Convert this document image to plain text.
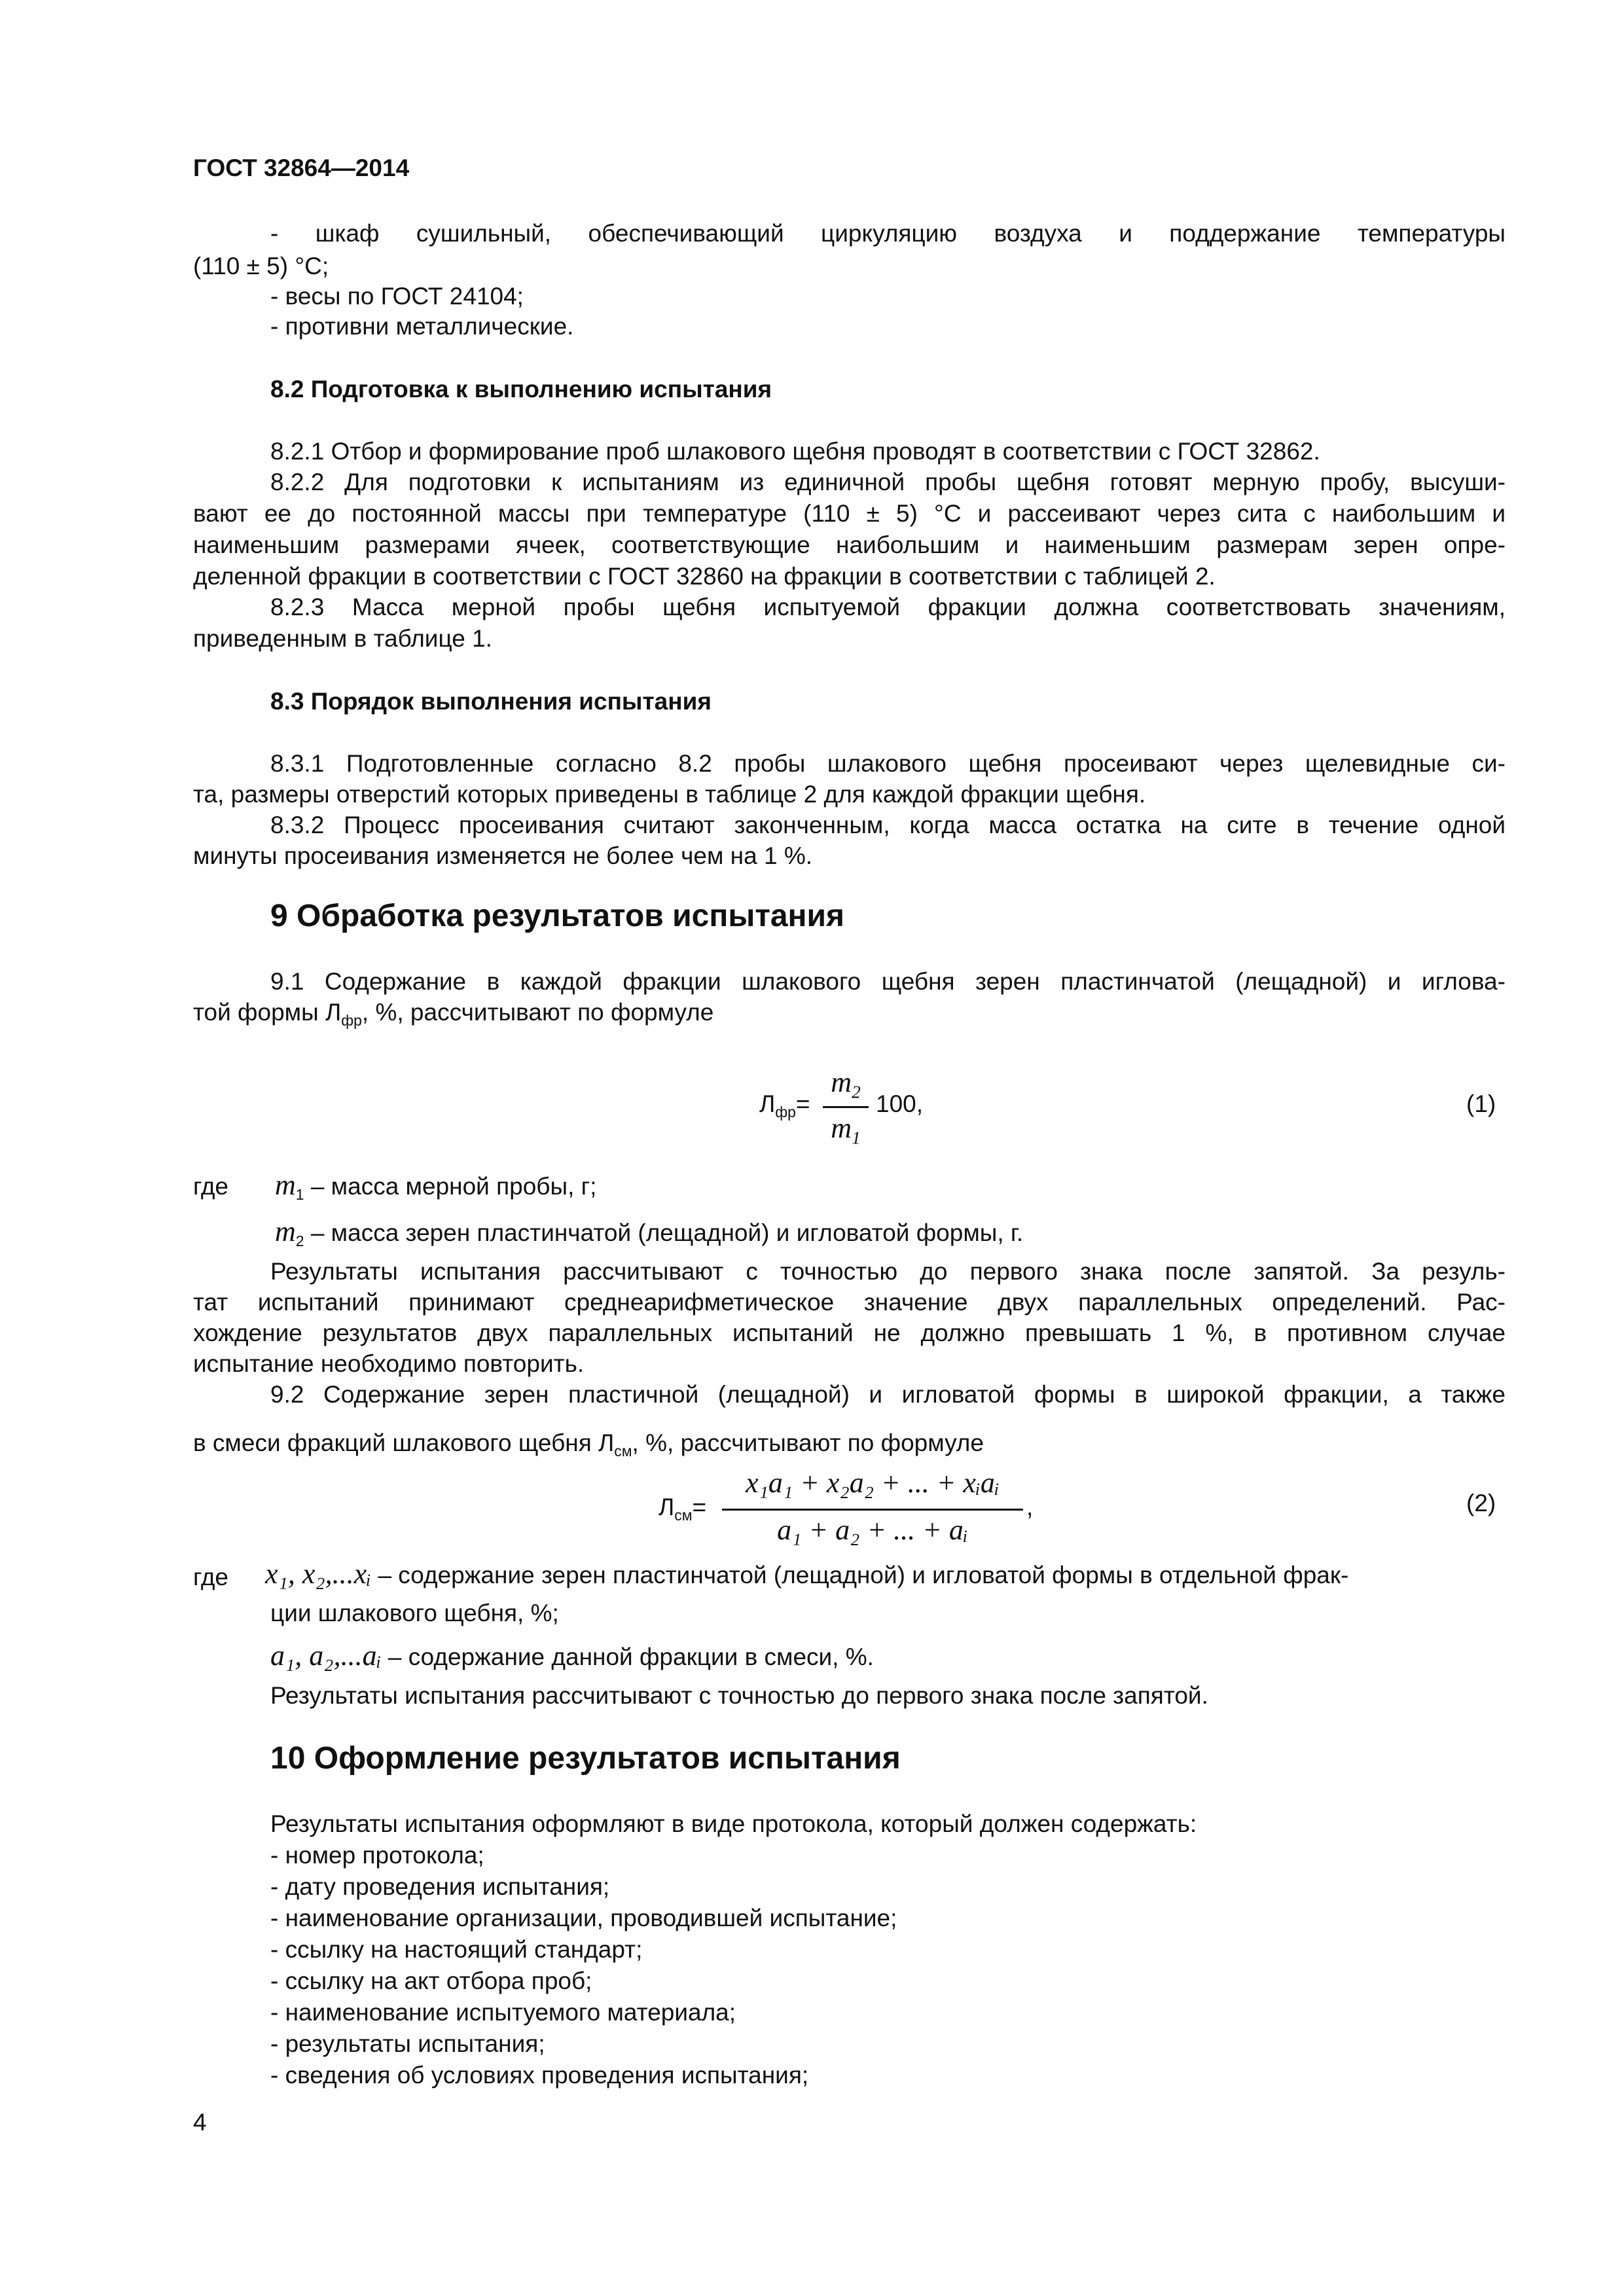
ГОСТ 32864—2014
- шкаф сушильный, обеспечивающий циркуляцию воздуха и поддержание температуры
(110 ± 5) °С;
- весы по ГОСТ 24104;
- противни металлические.
8.2 Подготовка к выполнению испытания
8.2.1 Отбор и формирование проб шлакового щебня проводят в соответствии с ГОСТ 32862.
8.2.2 Для подготовки к испытаниям из единичной пробы щебня готовят мерную пробу, высуши-
вают ее до постоянной массы при температуре (110 ± 5) °С и рассеивают через сита с наибольшим и
наименьшим размерами ячеек, соответствующие наибольшим и наименьшим размерам зерен опре-
деленной фракции в соответствии с ГОСТ 32860 на фракции в соответствии с таблицей 2.
8.2.3 Масса мерной пробы щебня испытуемой фракции должна соответствовать значениям,
приведенным в таблице 1.
8.3 Порядок выполнения испытания
8.3.1 Подготовленные согласно 8.2 пробы шлакового щебня просеивают через щелевидные си-
та, размеры отверстий которых приведены в таблице 2 для каждой фракции щебня.
8.3.2 Процесс просеивания считают законченным, когда масса остатка на сите в течение одной
минуты просеивания изменяется не более чем на 1 %.
9 Обработка результатов испытания
9.1 Содержание в каждой фракции шлакового щебня зерен пластинчатой (лещадной) и иглова-
той формы $Л_{фр}$, %, рассчитывают по формуле
$Л_{фр}=$
$m_2$
$m_1$
100,	(1)
где $m_1$ – масса мерной пробы, г;
$m_2$ – масса зерен пластинчатой (лещадной) и игловатой формы, г.
Результаты испытания рассчитывают с точностью до первого знака после запятой. За резуль-
тат испытаний принимают среднеарифметическое значение двух параллельных определений. Рас-
хождение результатов двух параллельных испытаний не должно превышать 1 %, в противном случае
испытание необходимо повторить.
9.2 Содержание зерен пластичной (лещадной) и игловатой формы в широкой фракции, а также
в смеси фракций шлакового щебня $Л_{см}$, %, рассчитывают по формуле
$Л_{см}=$
x₁a₁ + x₂a₂ + ... + xᵢaᵢ
a₁ + a₂ + ... + aᵢ
,	(2)
где x₁, x₂,...xᵢ – содержание зерен пластинчатой (лещадной) и игловатой формы в отдельной фрак-
ции шлакового щебня, %;
a₁, a₂,...aᵢ – содержание данной фракции в смеси, %.
Результаты испытания рассчитывают с точностью до первого знака после запятой.
10 Оформление результатов испытания
Результаты испытания оформляют в виде протокола, который должен содержать:
- номер протокола;
- дату проведения испытания;
- наименование организации, проводившей испытание;
- ссылку на настоящий стандарт;
- ссылку на акт отбора проб;
- наименование испытуемого материала;
- результаты испытания;
- сведения об условиях проведения испытания;
4
